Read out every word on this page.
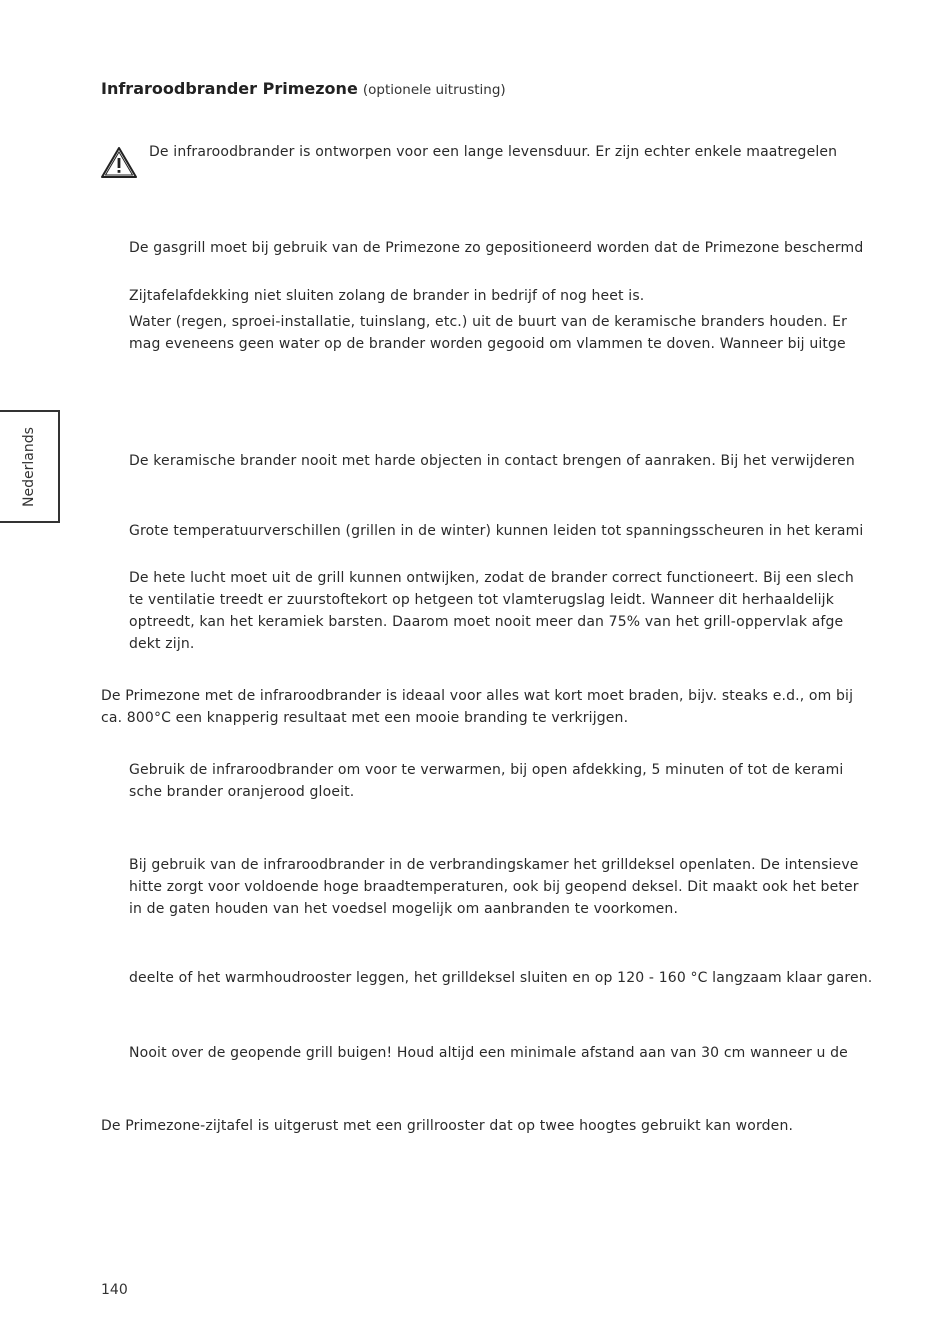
Infraroodbrander Primezone (optionele uitrusting)
De infraroodbrander is ontworpen voor een lange levensduur. Er zijn echter enkele maatregelen
De gasgrill moet bij gebruik van de Primezone zo gepositioneerd worden dat de Primezone beschermd
Zijtafelafdekking niet sluiten zolang de brander in bedrijf of nog heet is.
Water (regen, sproei-installatie, tuinslang, etc.) uit de buurt van de keramische branders houden. Er
mag eveneens geen water op de brander worden gegooid om vlammen te doven. Wanneer bij uitge
Nederlands	De keramische brander nooit met harde objecten in contact brengen of aanraken. Bij het verwijderen
Grote temperatuurverschillen (grillen in de winter) kunnen leiden tot spanningsscheuren in het kerami
De hete lucht moet uit de grill kunnen ontwijken, zodat de brander correct functioneert. Bij een slech
te ventilatie treedt er zuurstoftekort op hetgeen tot vlamterugslag leidt. Wanneer dit herhaaldelijk
optreedt, kan het keramiek barsten. Daarom moet nooit meer dan 75% van het grill-oppervlak afge
dekt zijn.
De Primezone met de infraroodbrander is ideaal voor alles wat kort moet braden, bijv. steaks e.d., om bij
ca. 800°C een knapperig resultaat met een mooie branding te verkrijgen.
Gebruik de infraroodbrander om voor te verwarmen, bij open afdekking, 5 minuten of tot de kerami
sche brander oranjerood gloeit.
Bij gebruik van de infraroodbrander in de verbrandingskamer het grilldeksel openlaten. De intensieve
hitte zorgt voor voldoende hoge braadtemperaturen, ook bij geopend deksel. Dit maakt ook het beter
in de gaten houden van het voedsel mogelijk om aanbranden te voorkomen.
deelte of het warmhoudrooster leggen, het grilldeksel sluiten en op 120 - 160 °C langzaam klaar garen.
Nooit over de geopende grill buigen! Houd altijd een minimale afstand aan van 30 cm wanneer u de
De Primezone-zijtafel is uitgerust met een grillrooster dat op twee hoogtes gebruikt kan worden.
140
